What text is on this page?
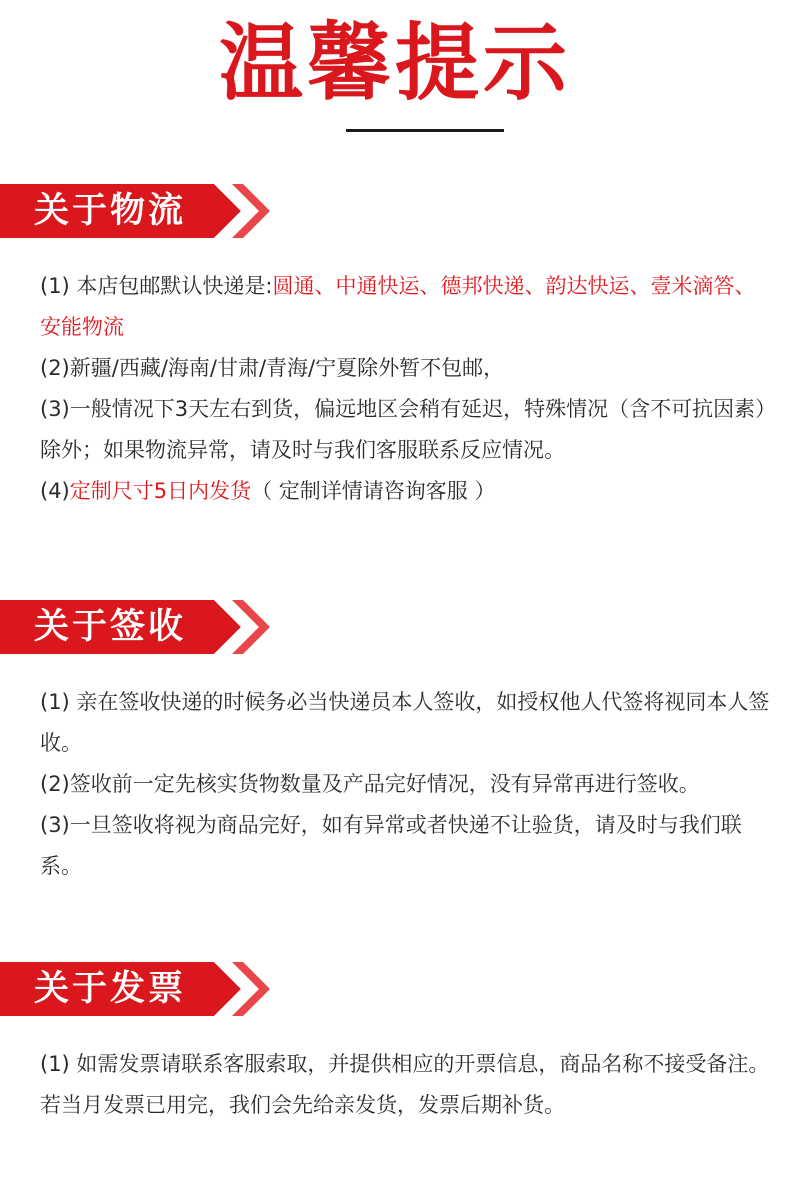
温馨提示
关于物流

(1) 本店包邮默认快递是:圆通、中通快运、德邦快递、韵达快运、壹米滴答、安能物流

(2)新疆/西藏/海南/甘肃/青海/宁夏除外暂不包邮，

(3)一般情况下3天左右到货，偏远地区会稍有延迟，特殊情况（含不可抗因素）除外；如果物流异常，请及时与我们客服联系反应情况。

(4)定制尺寸5日内发货（ 定制详情请咨询客服 ）

关于签收

(1) 亲在签收快递的时候务必当快递员本人签收，如授权他人代签将视同本人签收。

(2)签收前一定先核实货物数量及产品完好情况，没有异常再进行签收。

(3)一旦签收将视为商品完好，如有异常或者快递不让验货，请及时与我们联系。

关于发票

(1) 如需发票请联系客服索取，并提供相应的开票信息，商品名称不接受备注。

若当月发票已用完，我们会先给亲发货，发票后期补货。
